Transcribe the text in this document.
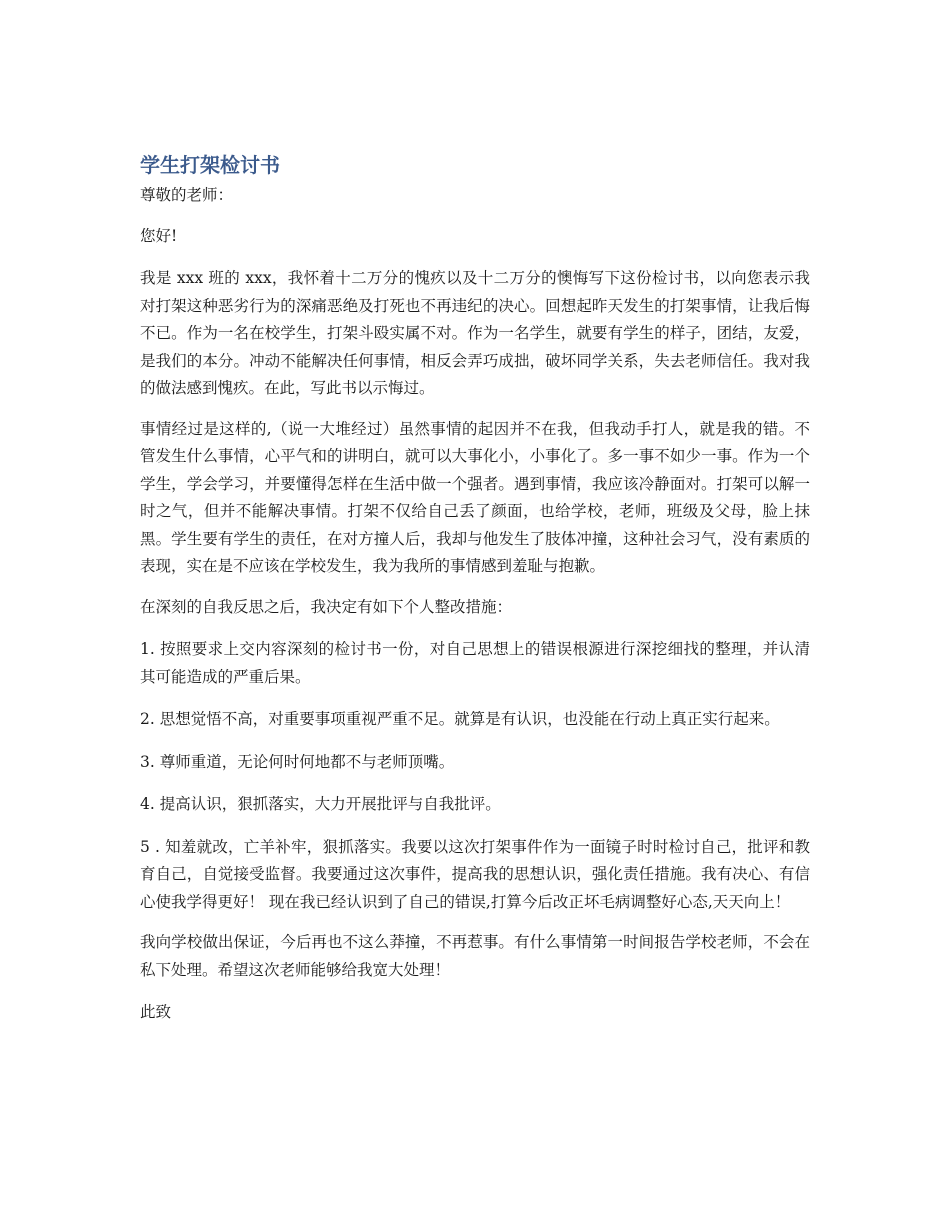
学生打架检讨书

尊敬的老师：

您好!

我是 xxx 班的 xxx，我怀着十二万分的愧疚以及十二万分的懊悔写下这份检讨书，以向您表示我对打架这种恶劣行为的深痛恶绝及打死也不再违纪的决心。回想起昨天发生的打架事情，让我后悔不已。作为一名在校学生，打架斗殴实属不对。作为一名学生，就要有学生的样子，团结，友爱，是我们的本分。冲动不能解决任何事情，相反会弄巧成拙，破坏同学关系，失去老师信任。我对我的做法感到愧疚。在此，写此书以示悔过。

事情经过是这样的,（说一大堆经过）虽然事情的起因并不在我，但我动手打人，就是我的错。不管发生什么事情，心平气和的讲明白，就可以大事化小，小事化了。多一事不如少一事。作为一个学生，学会学习，并要懂得怎样在生活中做一个强者。遇到事情，我应该冷静面对。打架可以解一时之气，但并不能解决事情。打架不仅给自己丢了颜面，也给学校，老师，班级及父母，脸上抹黑。学生要有学生的责任，在对方撞人后，我却与他发生了肢体冲撞，这种社会习气，没有素质的表现，实在是不应该在学校发生，我为我所的事情感到羞耻与抱歉。

在深刻的自我反思之后，我决定有如下个人整改措施：

1. 按照要求上交内容深刻的检讨书一份，对自己思想上的错误根源进行深挖细找的整理，并认清其可能造成的严重后果。

2. 思想觉悟不高，对重要事项重视严重不足。就算是有认识，也没能在行动上真正实行起来。

3. 尊师重道，无论何时何地都不与老师顶嘴。

4. 提高认识，狠抓落实，大力开展批评与自我批评。

5 . 知羞就改，亡羊补牢，狠抓落实。我要以这次打架事件作为一面镜子时时检讨自己，批评和教育自己，自觉接受监督。我要通过这次事件，提高我的思想认识，强化责任措施。我有决心、有信心使我学得更好！ 现在我已经认识到了自己的错误,打算今后改正坏毛病调整好心态,天天向上！

我向学校做出保证，今后再也不这么莽撞，不再惹事。有什么事情第一时间报告学校老师，不会在私下处理。希望这次老师能够给我宽大处理！

此致
